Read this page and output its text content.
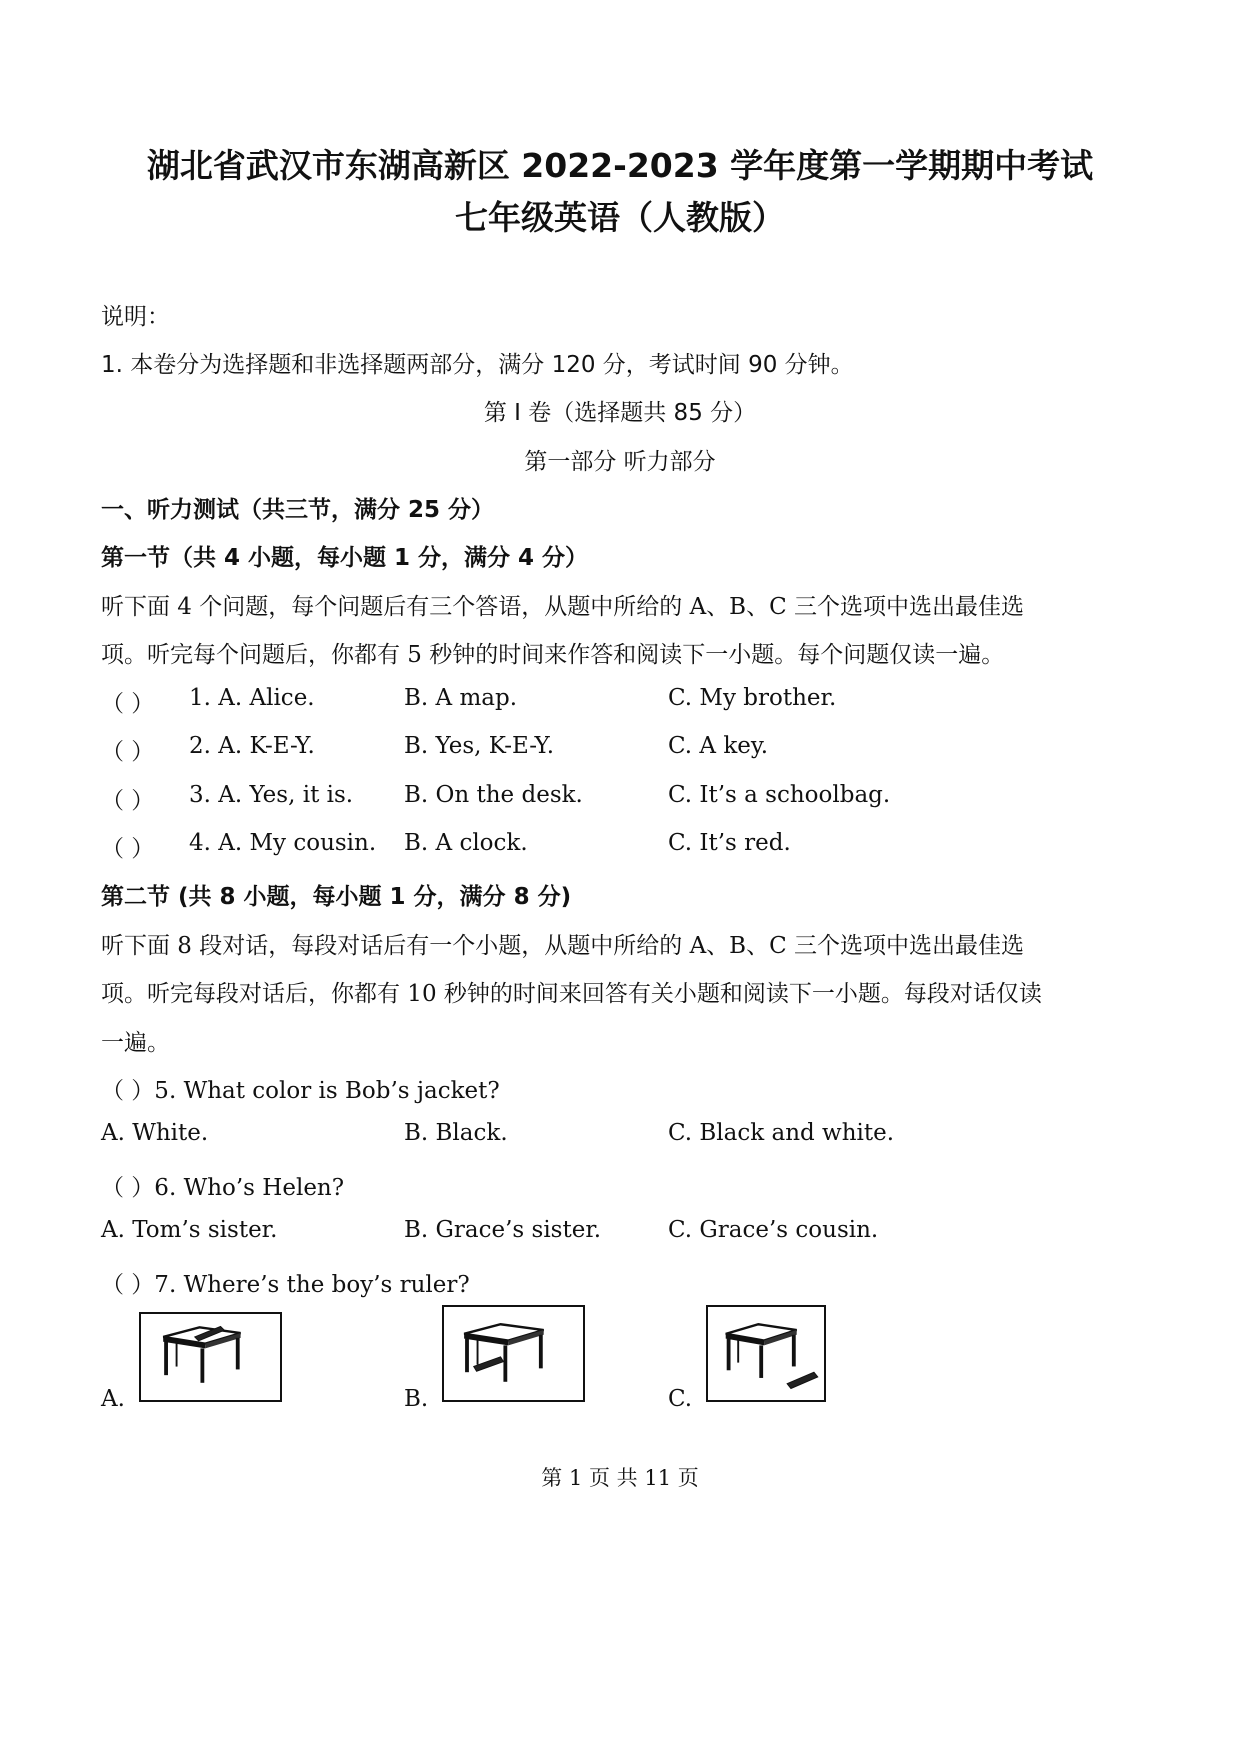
湖北省武汉市东湖高新区 2022-2023 学年度第一学期期中考试
七年级英语（人教版）
说明：
1. 本卷分为选择题和非选择题两部分，满分 120 分，考试时间 90 分钟。
第 I 卷（选择题共 85 分）
第一部分 听力部分
一、听力测试（共三节，满分 25 分）
第一节（共 4 小题，每小题 1 分，满分 4 分）
听下面 4 个问题，每个问题后有三个答语，从题中所给的 A、B、C 三个选项中选出最佳选
项。听完每个问题后，你都有 5 秒钟的时间来作答和阅读下一小题。每个问题仅读一遍。
（ ） 1. A. Alice.	B. A map.	C. My brother.
（ ） 2. A. K-E-Y.	B. Yes, K-E-Y.	C. A key.
（ ） 3. A. Yes, it is. B. On the desk.	C. It’s a schoolbag.
（ ） 4. A. My cousin. B. A clock.	C. It’s red.
第二节 (共 8 小题，每小题 1 分，满分 8 分)
听下面 8 段对话，每段对话后有一个小题，从题中所给的 A、B、C 三个选项中选出最佳选
项。听完每段对话后，你都有 10 秒钟的时间来回答有关小题和阅读下一小题。每段对话仅读
一遍。
（ ）5. What color is Bob’s jacket?
A. White.	B. Black.	C. Black and white.
（ ）6. Who’s Helen?
A. Tom’s sister.	B. Grace’s sister.	C. Grace’s cousin.
（ ）7. Where’s the boy’s ruler?
A.	B.	C.
第 1 页 共 11 页
